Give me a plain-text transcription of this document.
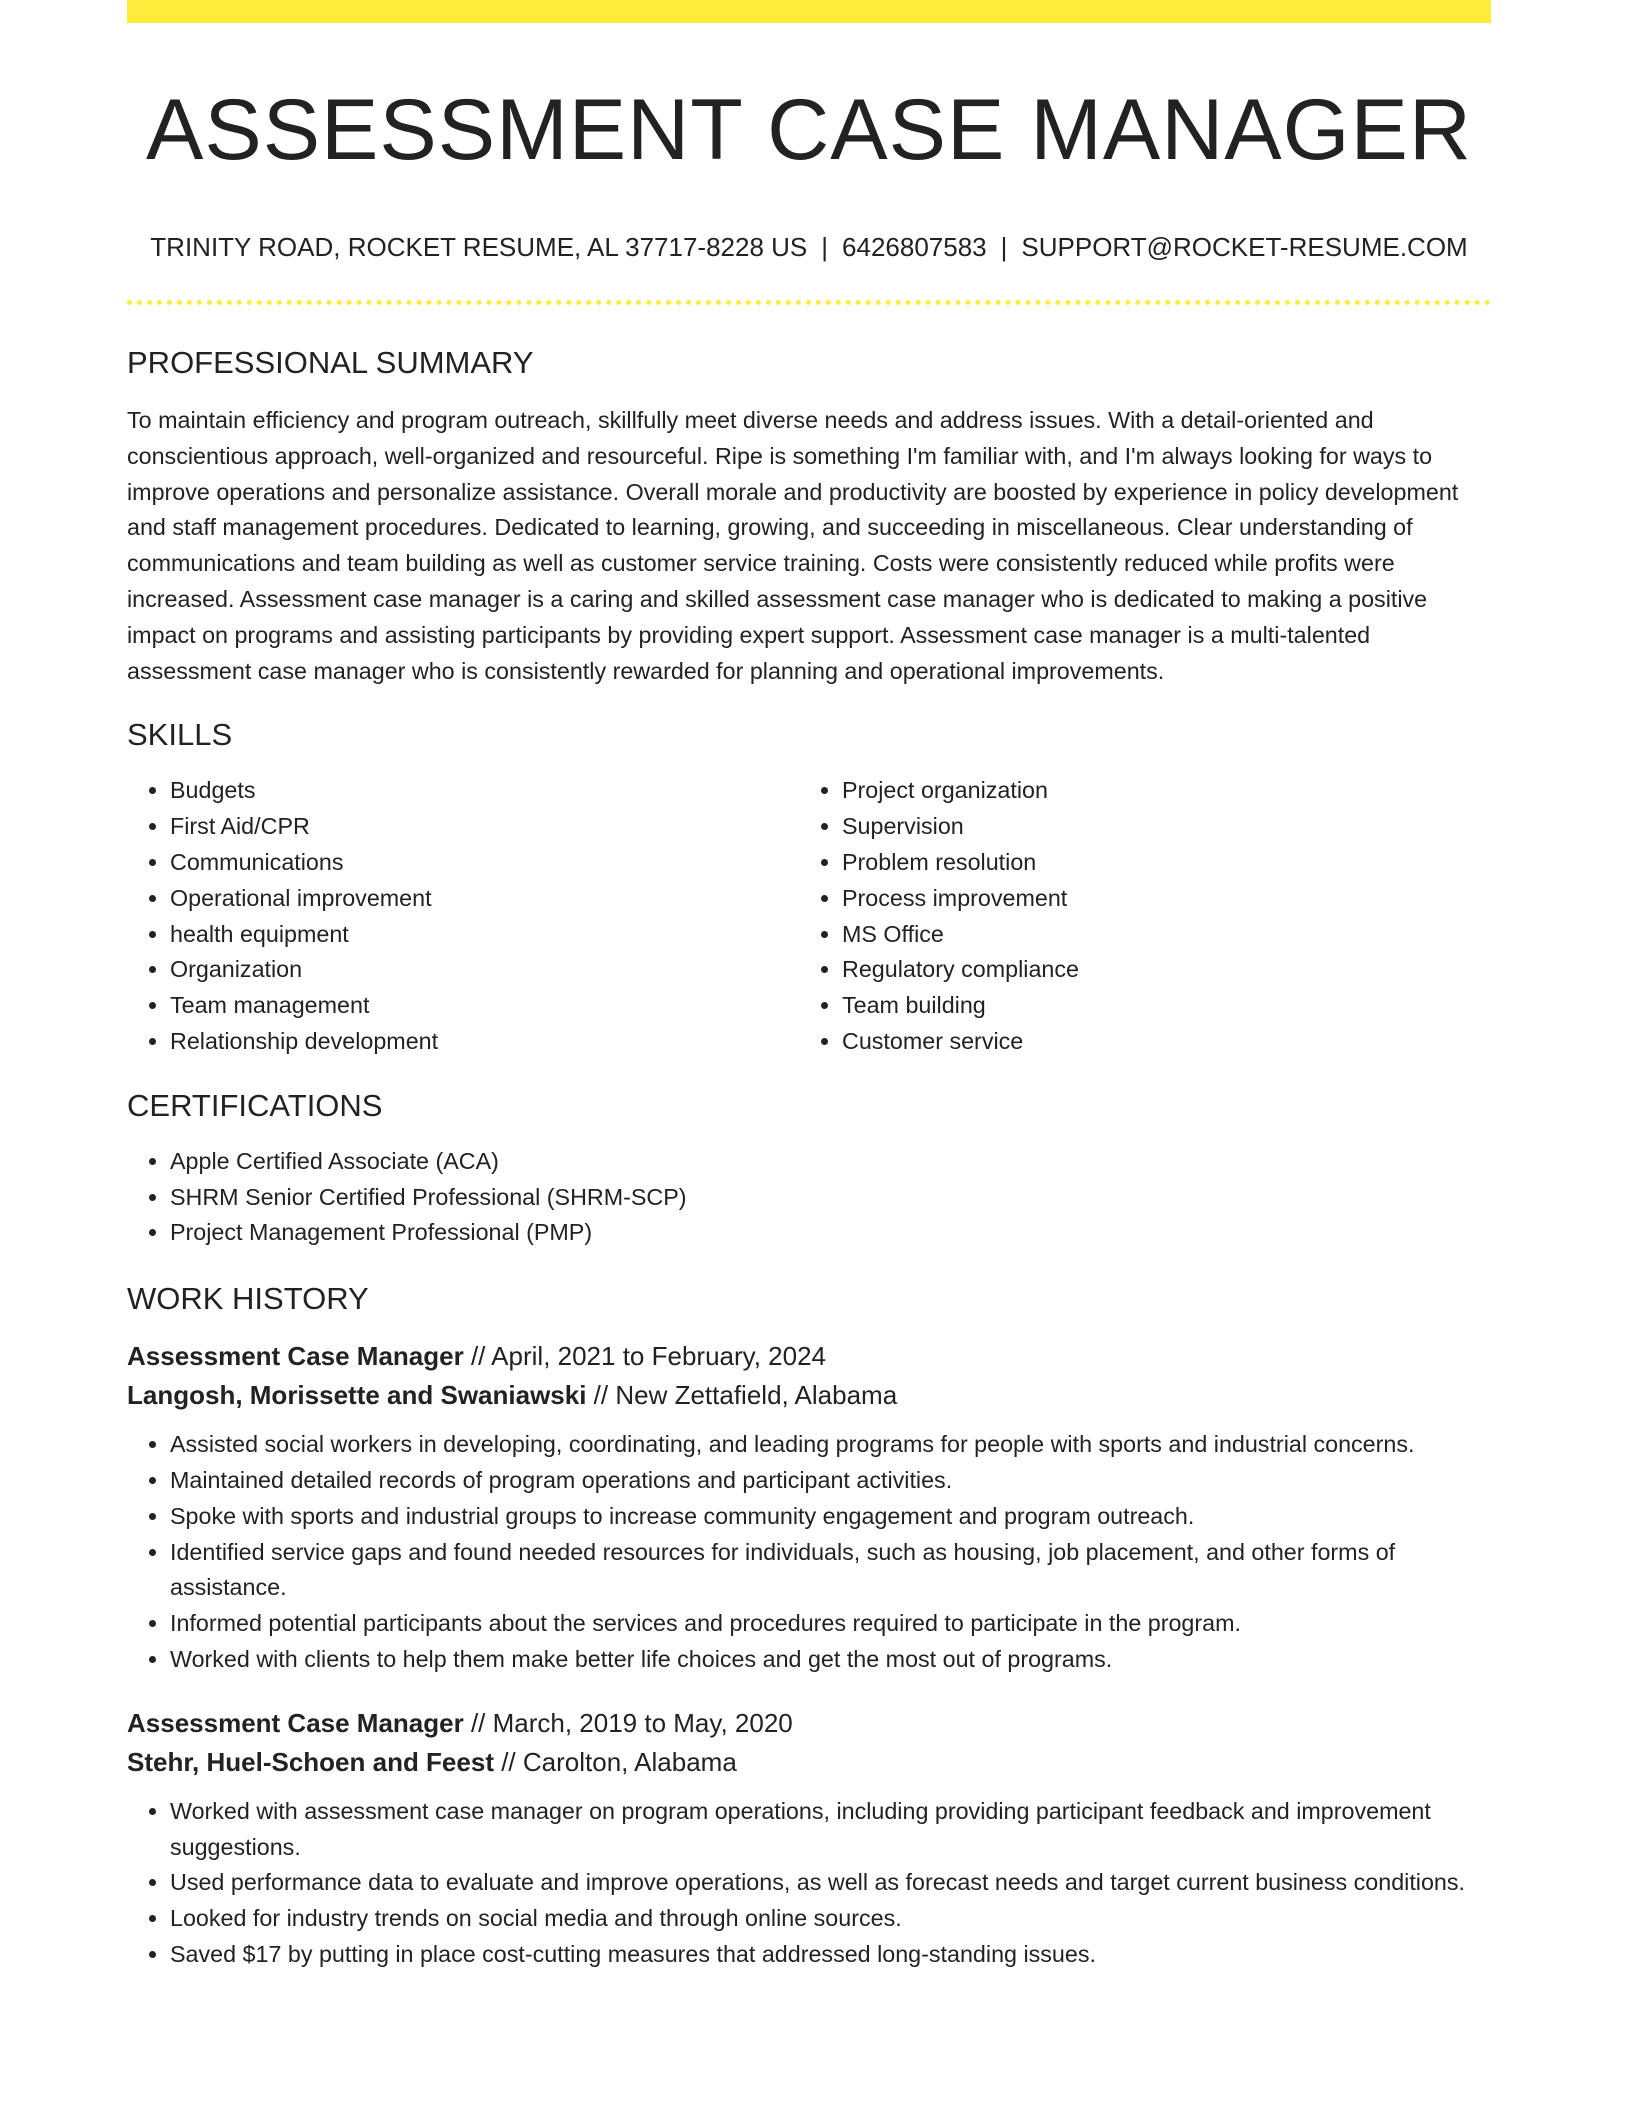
ASSESSMENT CASE MANAGER
TRINITY ROAD, ROCKET RESUME, AL 37717-8228 US | 6426807583 | SUPPORT@ROCKET-RESUME.COM
PROFESSIONAL SUMMARY
To maintain efficiency and program outreach, skillfully meet diverse needs and address issues. With a detail-oriented and conscientious approach, well-organized and resourceful. Ripe is something I'm familiar with, and I'm always looking for ways to improve operations and personalize assistance. Overall morale and productivity are boosted by experience in policy development and staff management procedures. Dedicated to learning, growing, and succeeding in miscellaneous. Clear understanding of communications and team building as well as customer service training. Costs were consistently reduced while profits were increased. Assessment case manager is a caring and skilled assessment case manager who is dedicated to making a positive impact on programs and assisting participants by providing expert support. Assessment case manager is a multi-talented assessment case manager who is consistently rewarded for planning and operational improvements.
SKILLS
• Budgets
• First Aid/CPR
• Communications
• Operational improvement
• health equipment
• Organization
• Team management
• Relationship development
• Project organization
• Supervision
• Problem resolution
• Process improvement
• MS Office
• Regulatory compliance
• Team building
• Customer service
CERTIFICATIONS
• Apple Certified Associate (ACA)
• SHRM Senior Certified Professional (SHRM-SCP)
• Project Management Professional (PMP)
WORK HISTORY
Assessment Case Manager // April, 2021 to February, 2024
Langosh, Morissette and Swaniawski // New Zettafield, Alabama
• Assisted social workers in developing, coordinating, and leading programs for people with sports and industrial concerns.
• Maintained detailed records of program operations and participant activities.
• Spoke with sports and industrial groups to increase community engagement and program outreach.
• Identified service gaps and found needed resources for individuals, such as housing, job placement, and other forms of assistance.
• Informed potential participants about the services and procedures required to participate in the program.
• Worked with clients to help them make better life choices and get the most out of programs.
Assessment Case Manager // March, 2019 to May, 2020
Stehr, Huel-Schoen and Feest // Carolton, Alabama
• Worked with assessment case manager on program operations, including providing participant feedback and improvement suggestions.
• Used performance data to evaluate and improve operations, as well as forecast needs and target current business conditions.
• Looked for industry trends on social media and through online sources.
• Saved $17 by putting in place cost-cutting measures that addressed long-standing issues.
